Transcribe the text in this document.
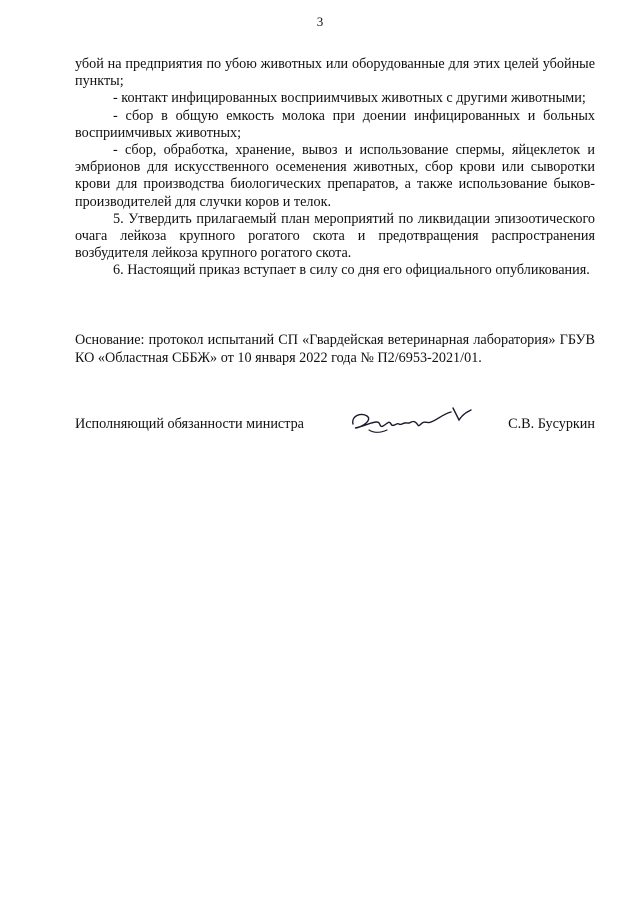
3

убой на предприятия по убою животных или оборудованные для этих целей убойные пункты;

- контакт инфицированных восприимчивых животных с другими животными;

- сбор в общую емкость молока при доении инфицированных и больных восприимчивых животных;

- сбор, обработка, хранение, вывоз и использование спермы, яйцеклеток и эмбрионов для искусственного осеменения животных, сбор крови или сыворотки крови для производства биологических препаратов, а также использование быков-производителей для случки коров и телок.

5. Утвердить прилагаемый план мероприятий по ликвидации эпизоотического очага лейкоза крупного рогатого скота и предотвращения распространения возбудителя лейкоза крупного рогатого скота.

6. Настоящий приказ вступает в силу со дня его официального опубликования.

Основание: протокол испытаний СП «Гвардейская ветеринарная лаборатория» ГБУВ КО «Областная СББЖ» от 10 января 2022 года № П2/6953-2021/01.

Исполняющий обязанности министра	С.В. Бусуркин
